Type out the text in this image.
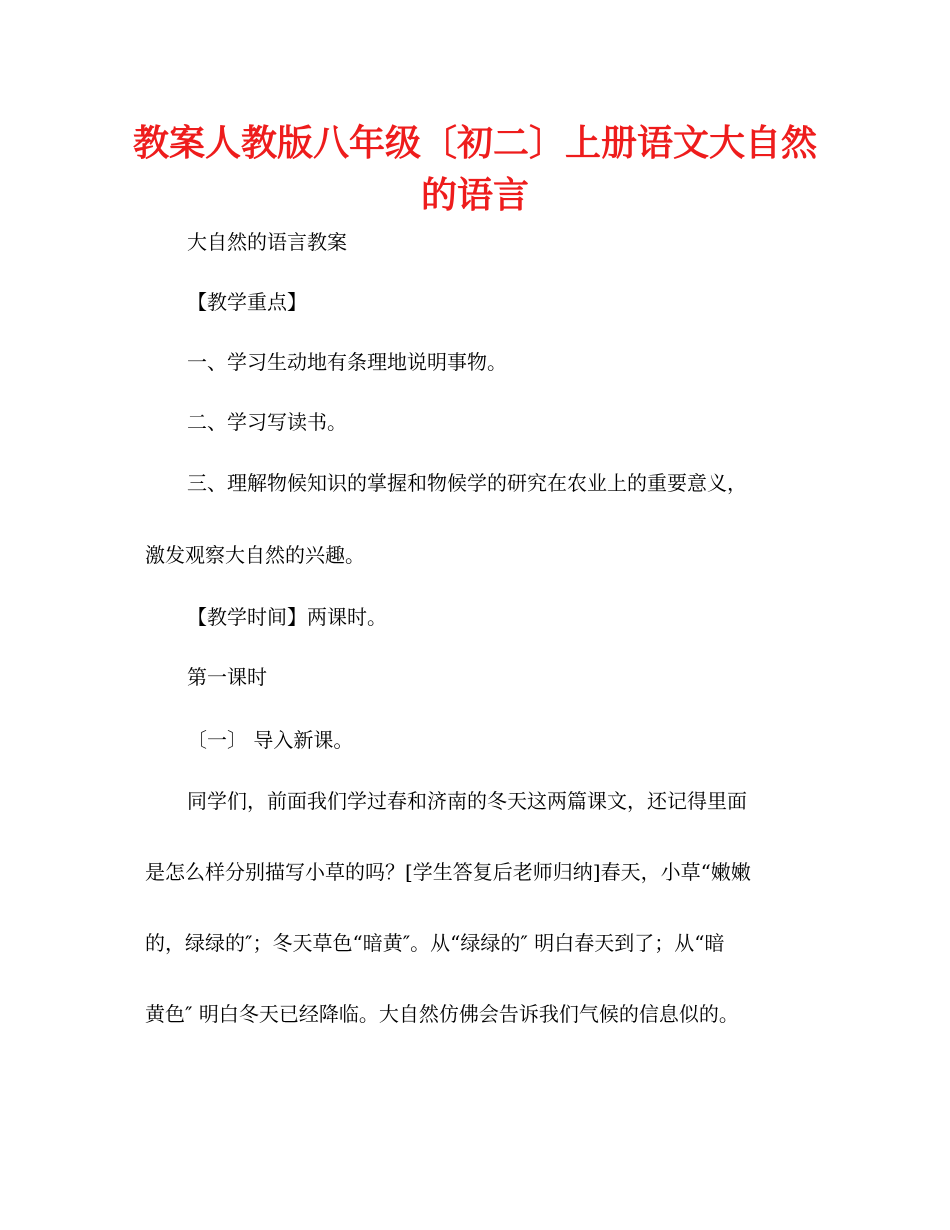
教案人教版八年级〔初二〕上册语文大自然的语言

大自然的语言教案

【教学重点】

一、学习生动地有条理地说明事物。

二、学习写读书。

三、理解物候知识的掌握和物候学的研究在农业上的重要意义，

激发观察大自然的兴趣。

【教学时间】两课时。

第一课时

〔一〕 导入新课。

同学们，前面我们学过春和济南的冬天这两篇课文，还记得里面

是怎么样分别描写小草的吗？[学生答复后老师归纳]春天，小草“嫩嫩

的，绿绿的″；冬天草色“暗黄″。从“绿绿的″ 明白春天到了；从“暗

黄色″ 明白冬天已经降临。大自然仿佛会告诉我们气候的信息似的。
